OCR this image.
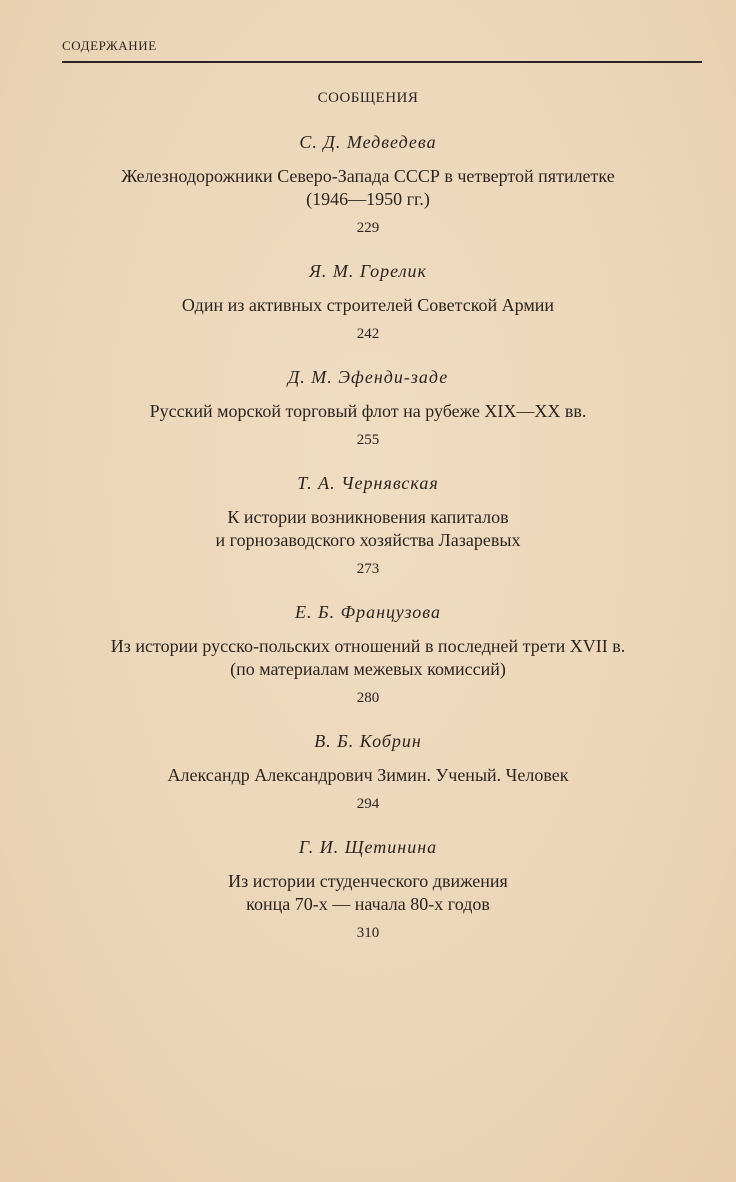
СОДЕРЖАНИЕ
СООБЩЕНИЯ

С. Д. Медведева

Железнодорожники Северо-Запада СССР в четвертой пятилетке
(1946—1950 гг.)

229

Я. М. Горелик

Один из активных строителей Советской Армии

242

Д. М. Эфенди-заде

Русский морской торговый флот на рубеже XIX—XX вв.

255

Т. А. Чернявская

К истории возникновения капиталов
и горнозаводского хозяйства Лазаревых

273

Е. Б. Французова

Из истории русско-польских отношений в последней трети XVII в.
(по материалам межевых комиссий)

280

В. Б. Кобрин

Александр Александрович Зимин. Ученый. Человек

294

Г. И. Щетинина

Из истории студенческого движения
конца 70-х — начала 80-х годов

310
